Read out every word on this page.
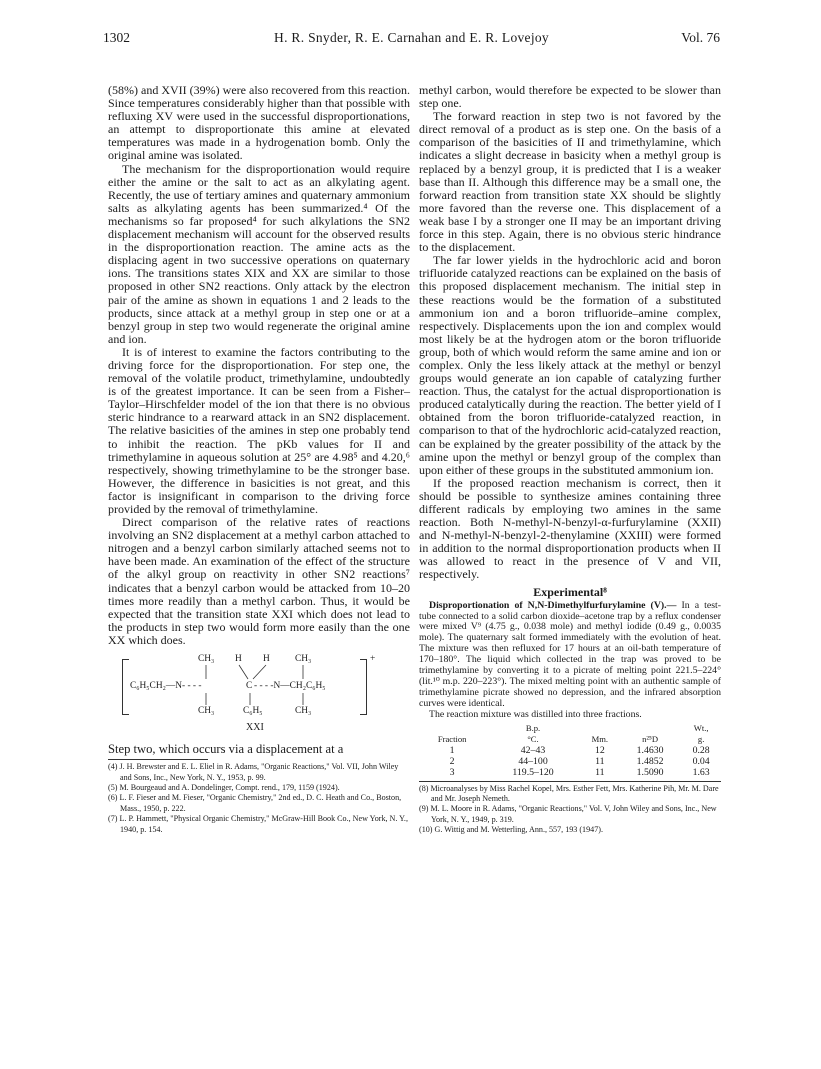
1302	H. R. Snyder, R. E. Carnahan and E. R. Lovejoy	Vol. 76

(58%) and XVII (39%) were also recovered from this reaction. Since temperatures considerably higher than that possible with refluxing XV were used in the successful disproportionations, an attempt to disproportionate this amine at elevated temperatures was made in a hydrogenation bomb. Only the original amine was isolated.

The mechanism for the disproportionation would require either the amine or the salt to act as an alkylating agent. Recently, the use of tertiary amines and quaternary ammonium salts as alkylating agents has been summarized.⁴ Of the mechanisms so far proposed⁴ for such alkylations the SN2 displacement mechanism will account for the observed results in the disproportionation reaction. The amine acts as the displacing agent in two successive operations on quaternary ions. The transitions states XIX and XX are similar to those proposed in other SN2 reactions. Only attack by the electron pair of the amine as shown in equations 1 and 2 leads to the products, since attack at a methyl group in step one or at a benzyl group in step two would regenerate the original amine and ion.

It is of interest to examine the factors contributing to the driving force for the disproportionation. For step one, the removal of the volatile product, trimethylamine, undoubtedly is of the greatest importance. It can be seen from a Fisher–Taylor–Hirschfelder model of the ion that there is no obvious steric hindrance to a rearward attack in an SN2 displacement. The relative basicities of the amines in step one probably tend to inhibit the reaction. The pKb values for II and trimethylamine in aqueous solution at 25° are 4.98⁵ and 4.20,⁶ respectively, showing trimethylamine to be the stronger base. However, the difference in basicities is not great, and this factor is insignificant in comparison to the driving force provided by the removal of trimethylamine.

Direct comparison of the relative rates of reactions involving an SN2 displacement at a methyl carbon attached to nitrogen and a benzyl carbon similarly attached seems not to have been made. An examination of the effect of the structure of the alkyl group on reactivity in other SN2 reactions⁷ indicates that a benzyl carbon would be attacked from 10–20 times more readily than a methyl carbon. Thus, it would be expected that the transition state XXI which does not lead to the products in step two would form more easily than the one XX which does.

CH₃ H H	CH₃	+
C₆H₅CH₂—N- - - -	C - - - -N—CH₂C₆H₅
CH₃	C₆H₅	CH₃
XXI

Step two, which occurs via a displacement at a

(4) J. H. Brewster and E. L. Eliel in R. Adams, "Organic Reactions," Vol. VII, John Wiley and Sons, Inc., New York, N. Y., 1953, p. 99.

(5) M. Bourgeaud and A. Dondelinger, Compt. rend., 179, 1159 (1924).

(6) L. F. Fieser and M. Fieser, "Organic Chemistry," 2nd ed., D. C. Heath and Co., Boston, Mass., 1950, p. 222.

(7) L. P. Hammett, "Physical Organic Chemistry," McGraw-Hill Book Co., New York, N. Y., 1940, p. 154.

methyl carbon, would therefore be expected to be slower than step one.

The forward reaction in step two is not favored by the direct removal of a product as is step one. On the basis of a comparison of the basicities of II and trimethylamine, which indicates a slight decrease in basicity when a methyl group is replaced by a benzyl group, it is predicted that I is a weaker base than II. Although this difference may be a small one, the forward reaction from transition state XX should be slightly more favored than the reverse one. This displacement of a weak base I by a stronger one II may be an important driving force in this step. Again, there is no obvious steric hindrance to the displacement.

The far lower yields in the hydrochloric acid and boron trifluoride catalyzed reactions can be explained on the basis of this proposed displacement mechanism. The initial step in these reactions would be the formation of a substituted ammonium ion and a boron trifluoride–amine complex, respectively. Displacements upon the ion and complex would most likely be at the hydrogen atom or the boron trifluoride group, both of which would reform the same amine and ion or complex. Only the less likely attack at the methyl or benzyl groups would generate an ion capable of catalyzing further reaction. Thus, the catalyst for the actual disproportionation is produced catalytically during the reaction. The better yield of I obtained from the boron trifluoride-catalyzed reaction, in comparison to that of the hydrochloric acid-catalyzed reaction, can be explained by the greater possibility of the attack by the amine upon the methyl or benzyl group of the complex than upon either of these groups in the substituted ammonium ion.

If the proposed reaction mechanism is correct, then it should be possible to synthesize amines containing three different radicals by employing two amines in the same reaction. Both N-methyl-N-benzyl-α-furfurylamine (XXII) and N-methyl-N-benzyl-2-thenylamine (XXIII) were formed in addition to the normal disproportionation products when II was allowed to react in the presence of V and VII, respectively.

Experimental⁸

Disproportionation of N,N-Dimethylfurfurylamine (V).— In a test-tube connected to a solid carbon dioxide–acetone trap by a reflux condenser were mixed V⁹ (4.75 g., 0.038 mole) and methyl iodide (0.49 g., 0.0035 mole). The quaternary salt formed immediately with the evolution of heat. The mixture was then refluxed for 17 hours at an oil-bath temperature of 170–180°. The liquid which collected in the trap was proved to be trimethylamine by converting it to a picrate of melting point 221.5–224° (lit.¹⁰ m.p. 220–223°). The mixed melting point with an authentic sample of trimethylamine picrate showed no depression, and the infrared absorption curves were identical.

The reaction mixture was distilled into three fractions.

	B.p.			Wt.,
Fraction	°C.	Mm.	n²⁵D	g.
1	42–43	12	1.4630	0.28
2	44–100	11	1.4852	0.04
3	119.5–120	11	1.5090	1.63

(8) Microanalyses by Miss Rachel Kopel, Mrs. Esther Fett, Mrs. Katherine Pih, Mr. M. Dare and Mr. Joseph Nemeth.

(9) M. L. Moore in R. Adams, "Organic Reactions," Vol. V, John Wiley and Sons, Inc., New York, N. Y., 1949, p. 319.

(10) G. Wittig and M. Wetterling, Ann., 557, 193 (1947).
